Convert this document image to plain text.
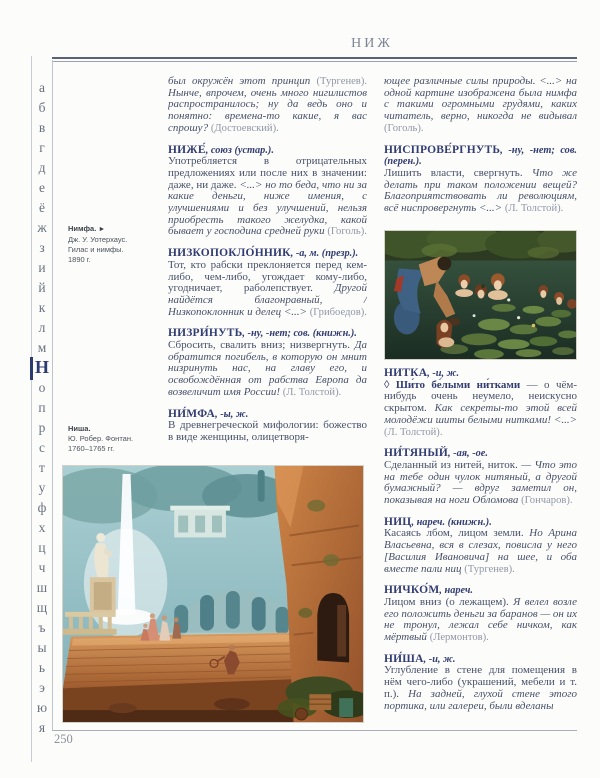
НИЖ
а
б
в
г
д
е
ё
ж
з
и
й
к
л
м
Н
о
п
р
с
т
у
ф
х
ц
ч
ш
щ
ъ
ы
ь
э
ю
я
Нимфа. ►
Дж. У. Уотерхаус.
Гилас и нимфы.
1890 г.
Ниша.
Ю. Робер. Фонтан.
1760–1765 гг.
был окружён этот принцип (Тургенев). Нынче, впрочем, очень много нигилистов распространилось; ну да ведь оно и понятно: времена-то какие, я вас спрошу? (Достоевский).
НИЖЕ́, союз (устар.).
Употребляется в отрицательных предложениях или после них в значении: даже, ни даже. <...> но то беда, что ни за какие деньги, ниже имения, с улучшениями и без улучшений, нельзя приобресть такого желудка, какой бывает у господина средней руки (Гоголь).
НИЗКОПОКЛО́ННИК, -а, м. (презр.).
Тот, кто рабски преклоняется перед кем-либо, чем-либо, угождает кому-либо, угодничает, раболепствует. Другой найдётся благонравный, / Низкопоклонник и делец <...> (Грибоедов).
НИЗРИ́НУТЬ, -ну, -нет; сов. (книжн.).
Сбросить, свалить вниз; низвергнуть. Да обратится погибель, в которую он мнит низринуть нас, на главу его, и освобождённая от рабства Европа да возвеличит имя России! (Л. Толстой).
НИ́МФА, -ы, ж.
В древнегреческой мифологии: божество в виде женщины, олицетворя-
ющее различные силы природы. <...> на одной картине изображена была нимфа с такими огромными грудями, каких читатель, верно, никогда не видывал (Гоголь).
НИСПРОВЕ́РГНУТЬ, -ну, -нет; сов. (перен.).
Лишить власти, свергнуть. Что же делать при таком положении вещей? Благоприятствовать ли революциям, всё ниспровергнуть <...> (Л. Толстой).
НИ́ТКА, -и, ж.
◊ Ши́то бе́лыми ни́тками — о чём-нибудь очень неумело, неискусно скрытом. Как секреты-то этой всей молодёжи шиты белыми нитками! <...> (Л. Толстой).
НИ́ТЯНЫЙ, -ая, -ое.
Сделанный из нитей, ниток. — Что это на тебе один чулок нитяный, а другой бумажный? — вдруг заметил он, показывая на ноги Обломова (Гончаров).
НИЦ, нареч. (книжн.).
Касаясь лбом, лицом земли. Но Арина Власьевна, вся в слезах, повисла у него [Василия Ивановича] на шее, и оба вместе пали ниц (Тургенев).
НИЧКО́М, нареч.
Лицом вниз (о лежащем). Я велел возле его положить деньги за баранов — он их не тронул, лежал себе ничком, как мёртвый (Лермонтов).
НИ́ША, -и, ж.
Углубление в стене для помещения в нём чего-либо (украшений, мебели и т. п.). На задней, глухой стене этого портика, или галереи, были вделаны
250
